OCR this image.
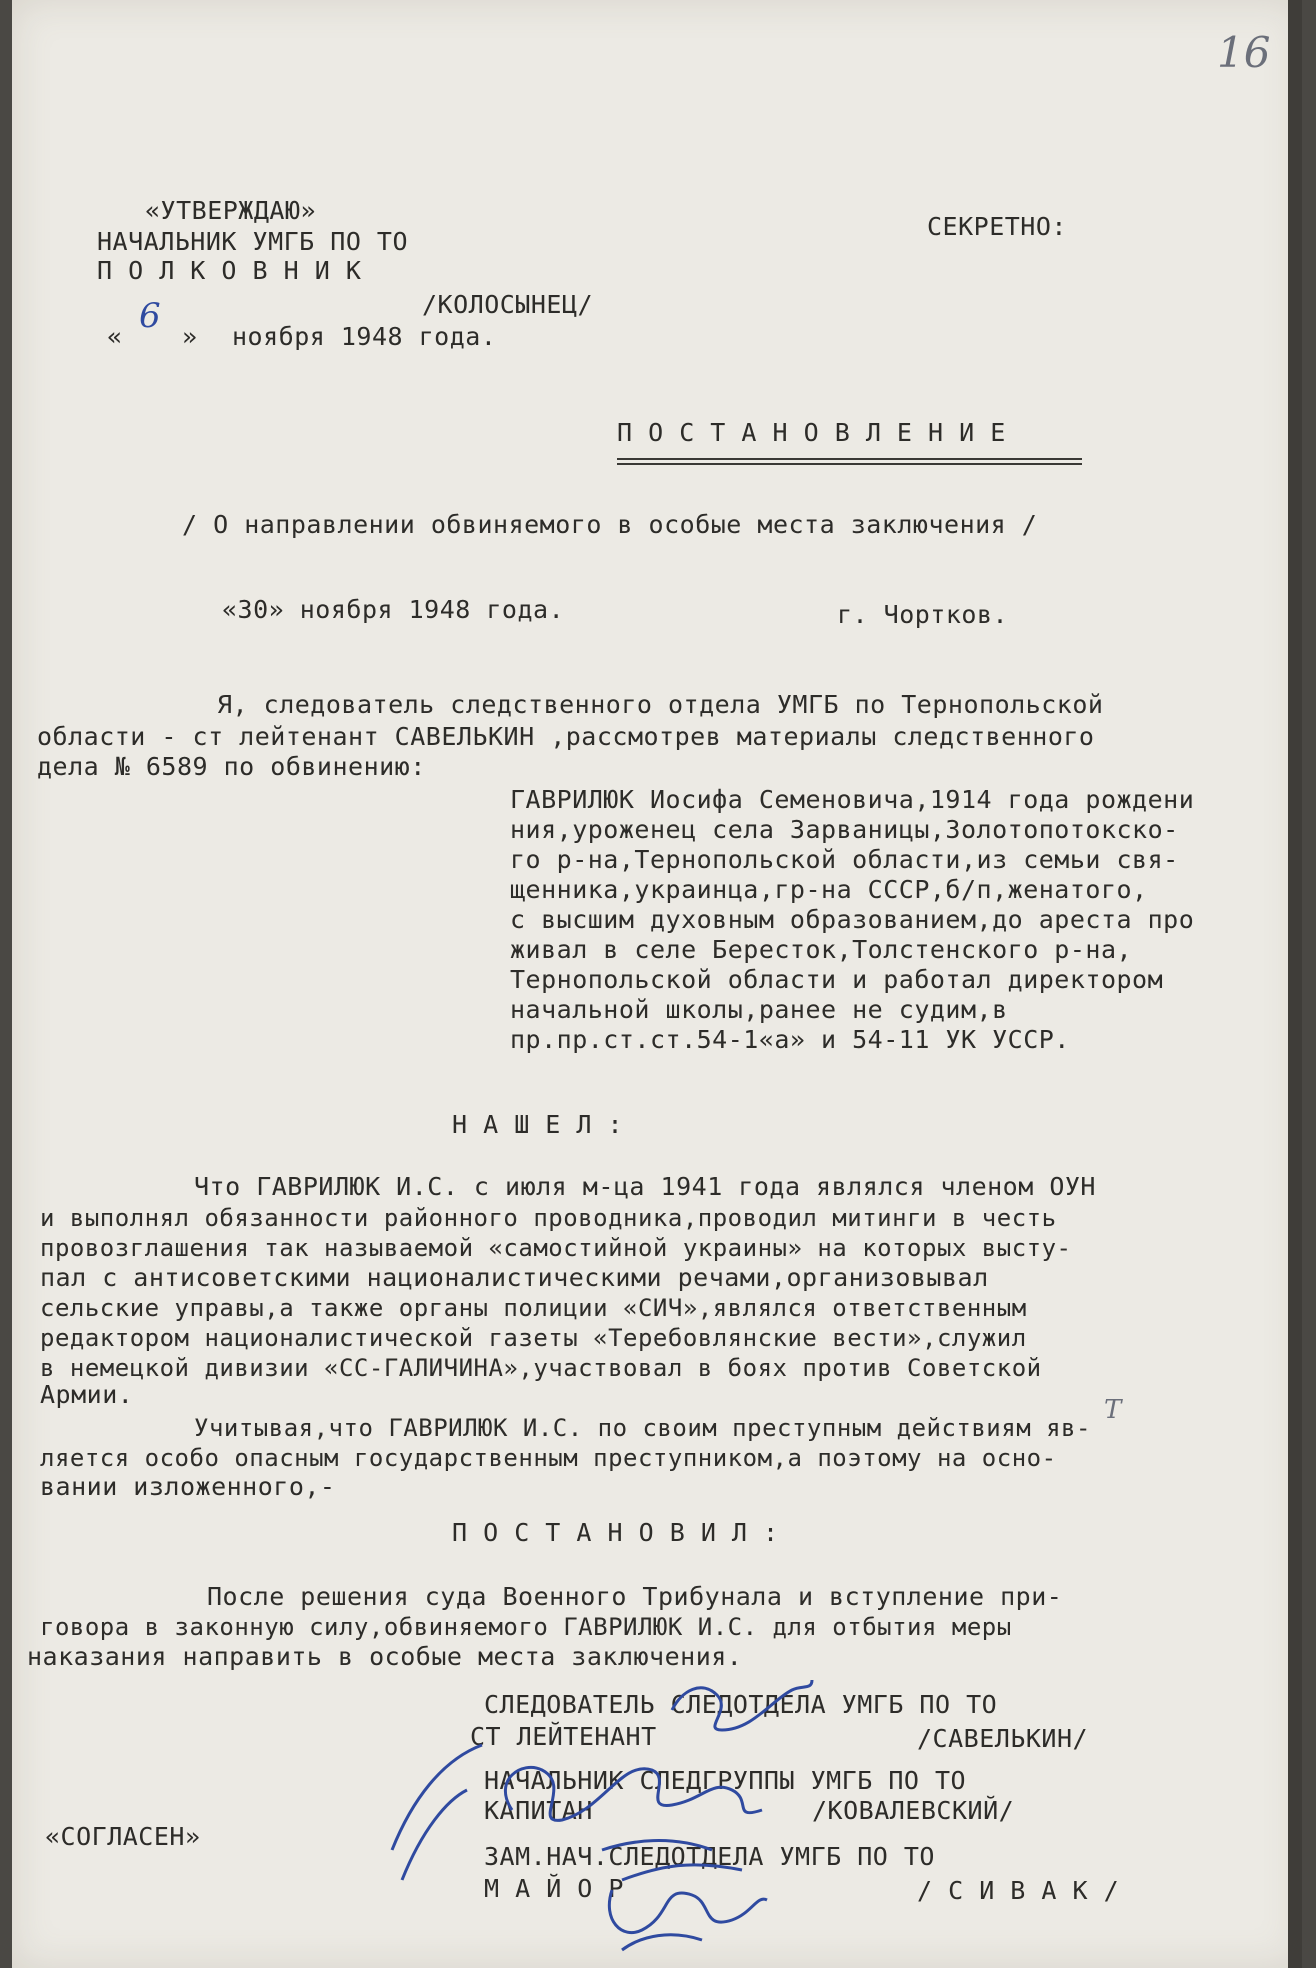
16
«УТВЕРЖДАЮ»
НАЧАЛЬНИК УМГБ ПО ТО
П О Л К О В Н И К
/КОЛОСЫНЕЦ/
«
6
» ноября 1948 года.
СЕКРЕТНО:
П О С Т А Н О В Л Е Н И Е
/ О направлении обвиняемого в особые места заключения /
«30» ноября 1948 года.	г. Чортков.
Я, следователь следственного отдела УМГБ по Тернопольской
области - ст лейтенант САВЕЛЬКИН ,рассмотрев материалы следственного
дела № 6589 по обвинению:
ГАВРИЛЮК Иосифа Семеновича,1914 года рождени
ния,уроженец села Зарваницы,Золотопотокско-
го р-на,Тернопольской области,из семьи свя-
щенника,украинца,гр-на СССР,б/п,женатого,
с высшим духовным образованием,до ареста про
живал в селе Бересток,Толстенского р-на,
Тернопольской области и работал директором
начальной школы,ранее не судим,в
пр.пр.ст.ст.54-1«а» и 54-11 УК УССР.
Н А Ш Е Л :
Что ГАВРИЛЮК И.С. с июля м-ца 1941 года являлся членом ОУН
и выполнял обязанности районного проводника,проводил митинги в честь
провозглашения так называемой «самостийной украины» на которых высту-
пал с антисоветскими националистическими речами,организовывал
сельские управы,а также органы полиции «СИЧ»,являлся ответственным
редактором националистической газеты «Теребовлянские вести»,служил
в немецкой дивизии «СС-ГАЛИЧИНА»,участвовал в боях против Советской
Армии.
Т
Учитывая,что ГАВРИЛЮК И.С. по своим преступным действиям яв-
ляется особо опасным государственным преступником,а поэтому на осно-
вании изложенного,-
П О С Т А Н О В И Л :
После решения суда Военного Трибунала и вступление при-
говора в законную силу,обвиняемого ГАВРИЛЮК И.С. для отбытия меры
наказания направить в особые места заключения.
СЛЕДОВАТЕЛЬ СЛЕДОТДЕЛА УМГБ ПО ТО
СТ ЛЕЙТЕНАНТ	/САВЕЛЬКИН/
НАЧАЛЬНИК СЛЕДГРУППЫ УМГБ ПО ТО
КАПИТАН	/КОВАЛЕВСКИЙ/
«СОГЛАСЕН»
ЗАМ.НАЧ.СЛЕДОТДЕЛА УМГБ ПО ТО
М А Й О Р	/ С И В А К /
